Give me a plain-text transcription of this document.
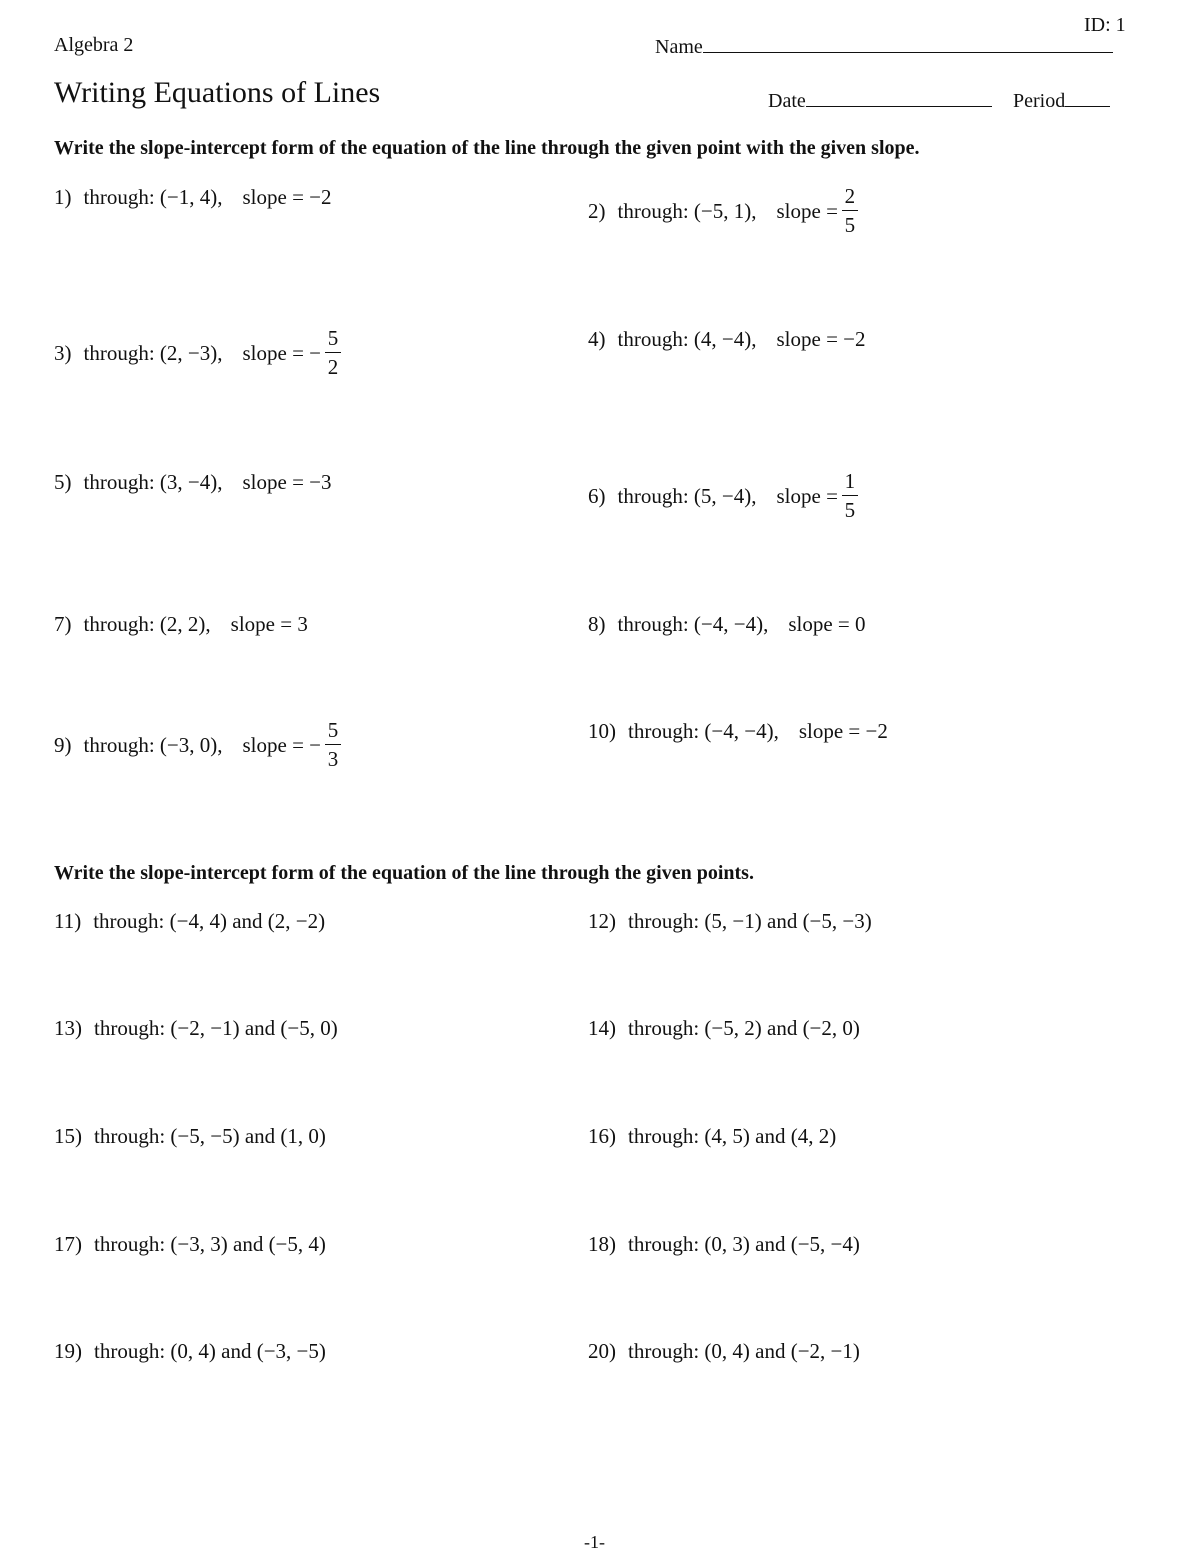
ID: 1
Algebra 2	Name
Writing Equations of Lines	Date	Period
Write the slope-intercept form of the equation of the line through the given point with the given slope.
1) through: (−1, 4), slope = −2
2) through: (−5, 1), slope = $\frac{2}{5}$
3) through: (2, −3), slope = − $\frac{5}{2}$	4) through: (4, −4), slope = −2
5) through: (3, −4), slope = −3
6) through: (5, −4), slope = $\frac{1}{5}$
7) through: (2, 2), slope = 3	8) through: (−4, −4), slope = 0
9) through: (−3, 0), slope = − $\frac{5}{3}$	10) through: (−4, −4), slope = −2
Write the slope-intercept form of the equation of the line through the given points.
11) through: (−4, 4) and (2, −2)	12) through: (5, −1) and (−5, −3)
13) through: (−2, −1) and (−5, 0)	14) through: (−5, 2) and (−2, 0)
15) through: (−5, −5) and (1, 0)	16) through: (4, 5) and (4, 2)
17) through: (−3, 3) and (−5, 4)	18) through: (0, 3) and (−5, −4)
19) through: (0, 4) and (−3, −5)	20) through: (0, 4) and (−2, −1)
-1-
